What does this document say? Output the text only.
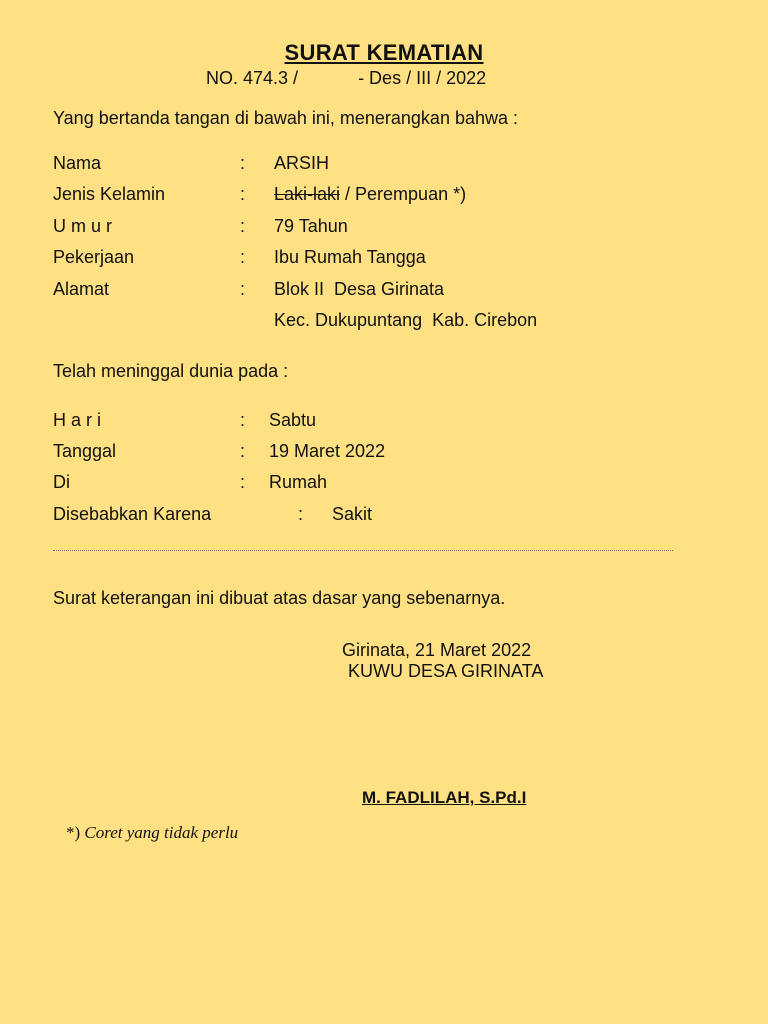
SURAT KEMATIAN
NO. 474.3 /	- Des / III / 2022
Yang bertanda tangan di bawah ini, menerangkan bahwa :
Nama	: ARSIH
Jenis Kelamin	: Laki-laki / Perempuan *)
U m u r	: 79 Tahun
Pekerjaan	: Ibu Rumah Tangga
Alamat	: Blok II  Desa Girinata
Kec. Dukupuntang  Kab. Cirebon
Telah meninggal dunia pada :
H a r i	: Sabtu
Tanggal	: 19 Maret 2022
Di	: Rumah
Disebabkan Karena	: Sakit
Surat keterangan ini dibuat atas dasar yang sebenarnya.
Girinata, 21 Maret 2022
KUWU DESA GIRINATA
M. FADLILAH, S.Pd.I
*) Coret yang tidak perlu
